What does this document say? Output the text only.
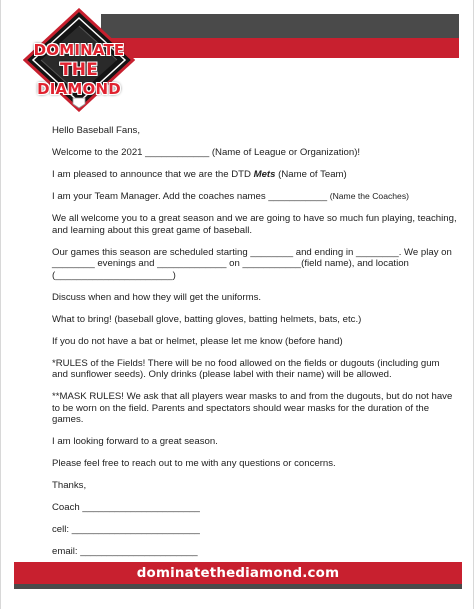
DOMINATE
THE
DIAMOND

Hello Baseball Fans,

Welcome to the 2021 ____________ (Name of League or Organization)!

I am pleased to announce that we are the DTD Mets (Name of Team)

I am your Team Manager. Add the coaches names ___________ (Name the Coaches)

We all welcome you to a great season and we are going to have so much fun playing, teaching, and learning about this great game of baseball.

Our games this season are scheduled starting ________ and ending in ________. We play on ________ evenings and _____________ on ___________(field name), and location (______________________)

Discuss when and how they will get the uniforms.

What to bring! (baseball glove, batting gloves, batting helmets, bats, etc.)

If you do not have a bat or helmet, please let me know (before hand)

*RULES of the Fields! There will be no food allowed on the fields or dugouts (including gum and sunflower seeds). Only drinks (please label with their name) will be allowed.

**MASK RULES! We ask that all players wear masks to and from the dugouts, but do not have to be worn on the field. Parents and spectators should wear masks for the duration of the games.

I am looking forward to a great season.

Please feel free to reach out to me with any questions or concerns.

Thanks,

Coach ______________________

cell: ________________________

email: ______________________

dominatethediamond.com
